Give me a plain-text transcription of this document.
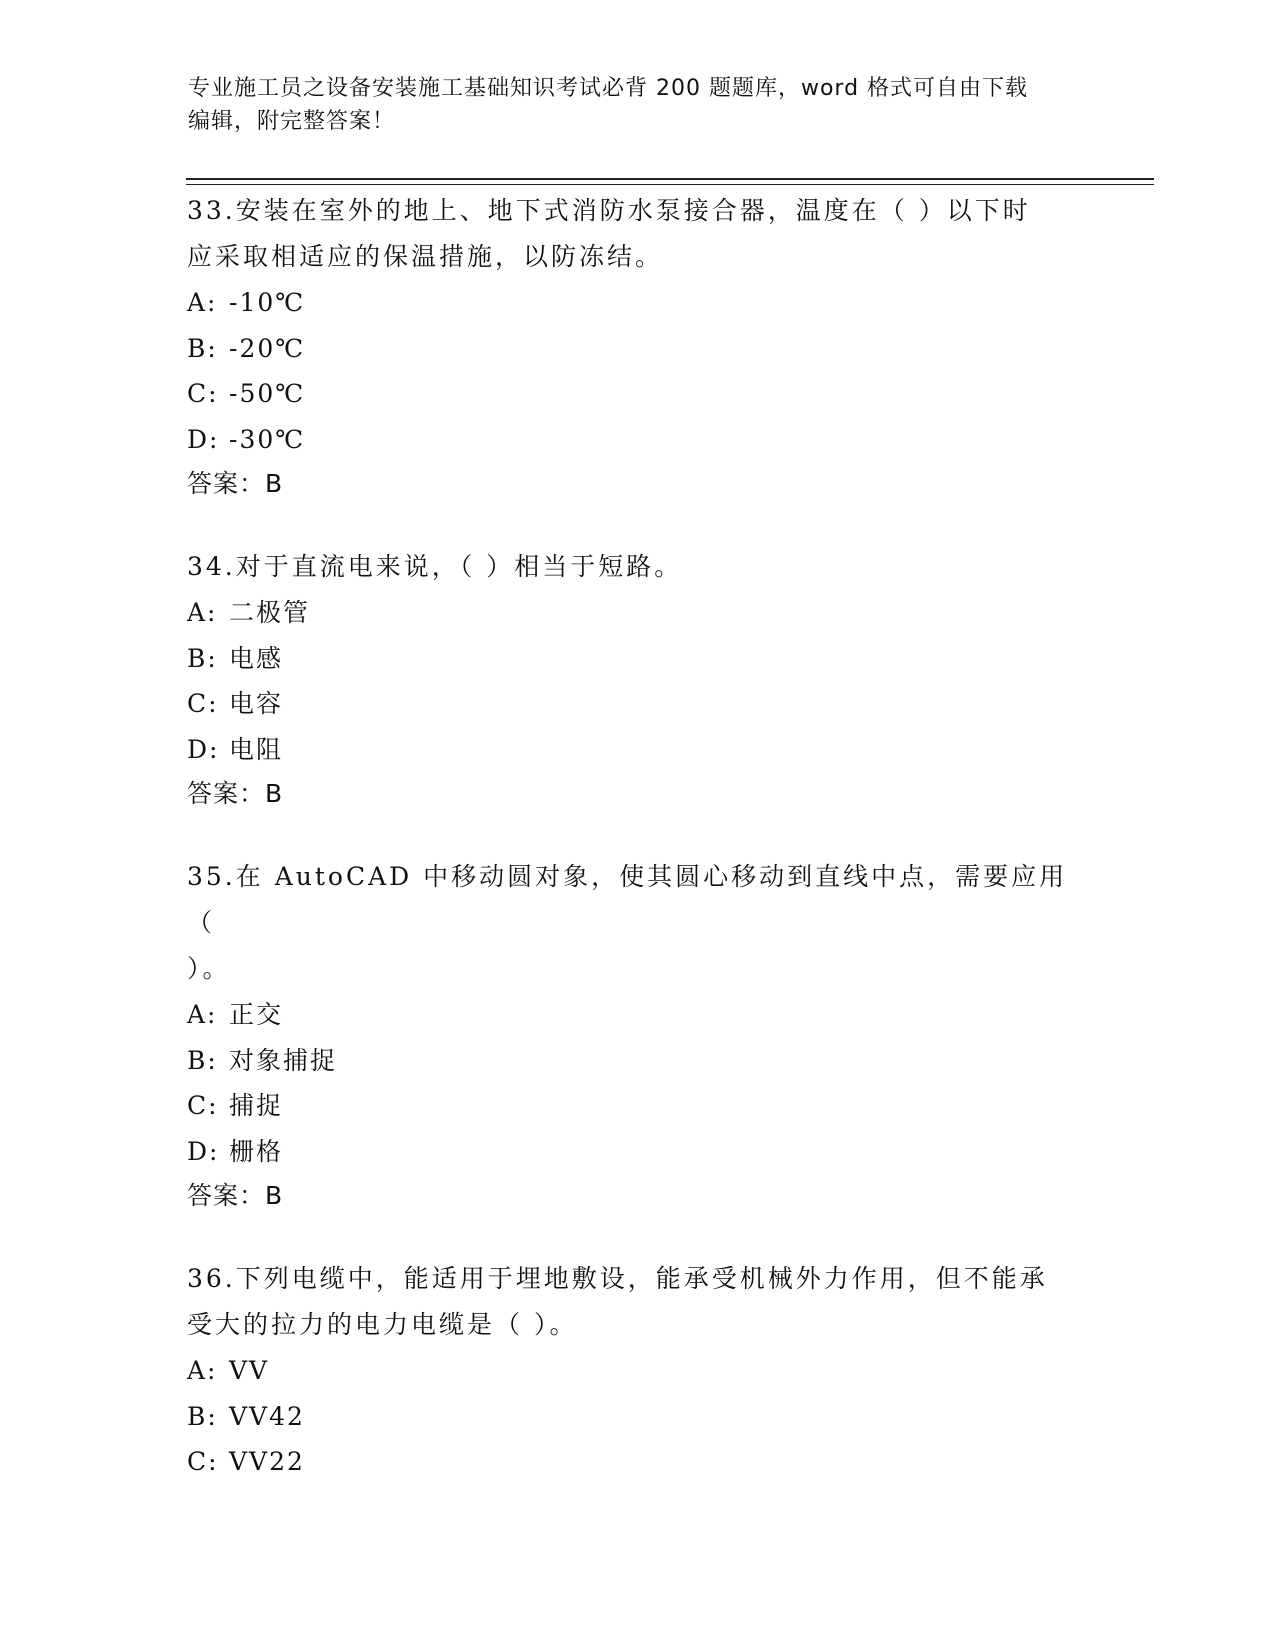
专业施工员之设备安装施工基础知识考试必背 200 题题库，word 格式可自由下载
编辑，附完整答案！

33.安装在室外的地上、地下式消防水泵接合器，温度在（ ）以下时

应采取相适应的保温措施，以防冻结。

A: -10℃

B: -20℃

C: -50℃

D: -30℃

答案：B

34.对于直流电来说，（ ）相当于短路。

A: 二极管

B: 电感

C: 电容

D: 电阻

答案：B

35.在 AutoCAD 中移动圆对象，使其圆心移动到直线中点，需要应用（

）。

A: 正交

B: 对象捕捉

C: 捕捉

D: 栅格

答案：B

36.下列电缆中，能适用于埋地敷设，能承受机械外力作用，但不能承

受大的拉力的电力电缆是（ ）。

A: VV

B: VV42

C: VV22
